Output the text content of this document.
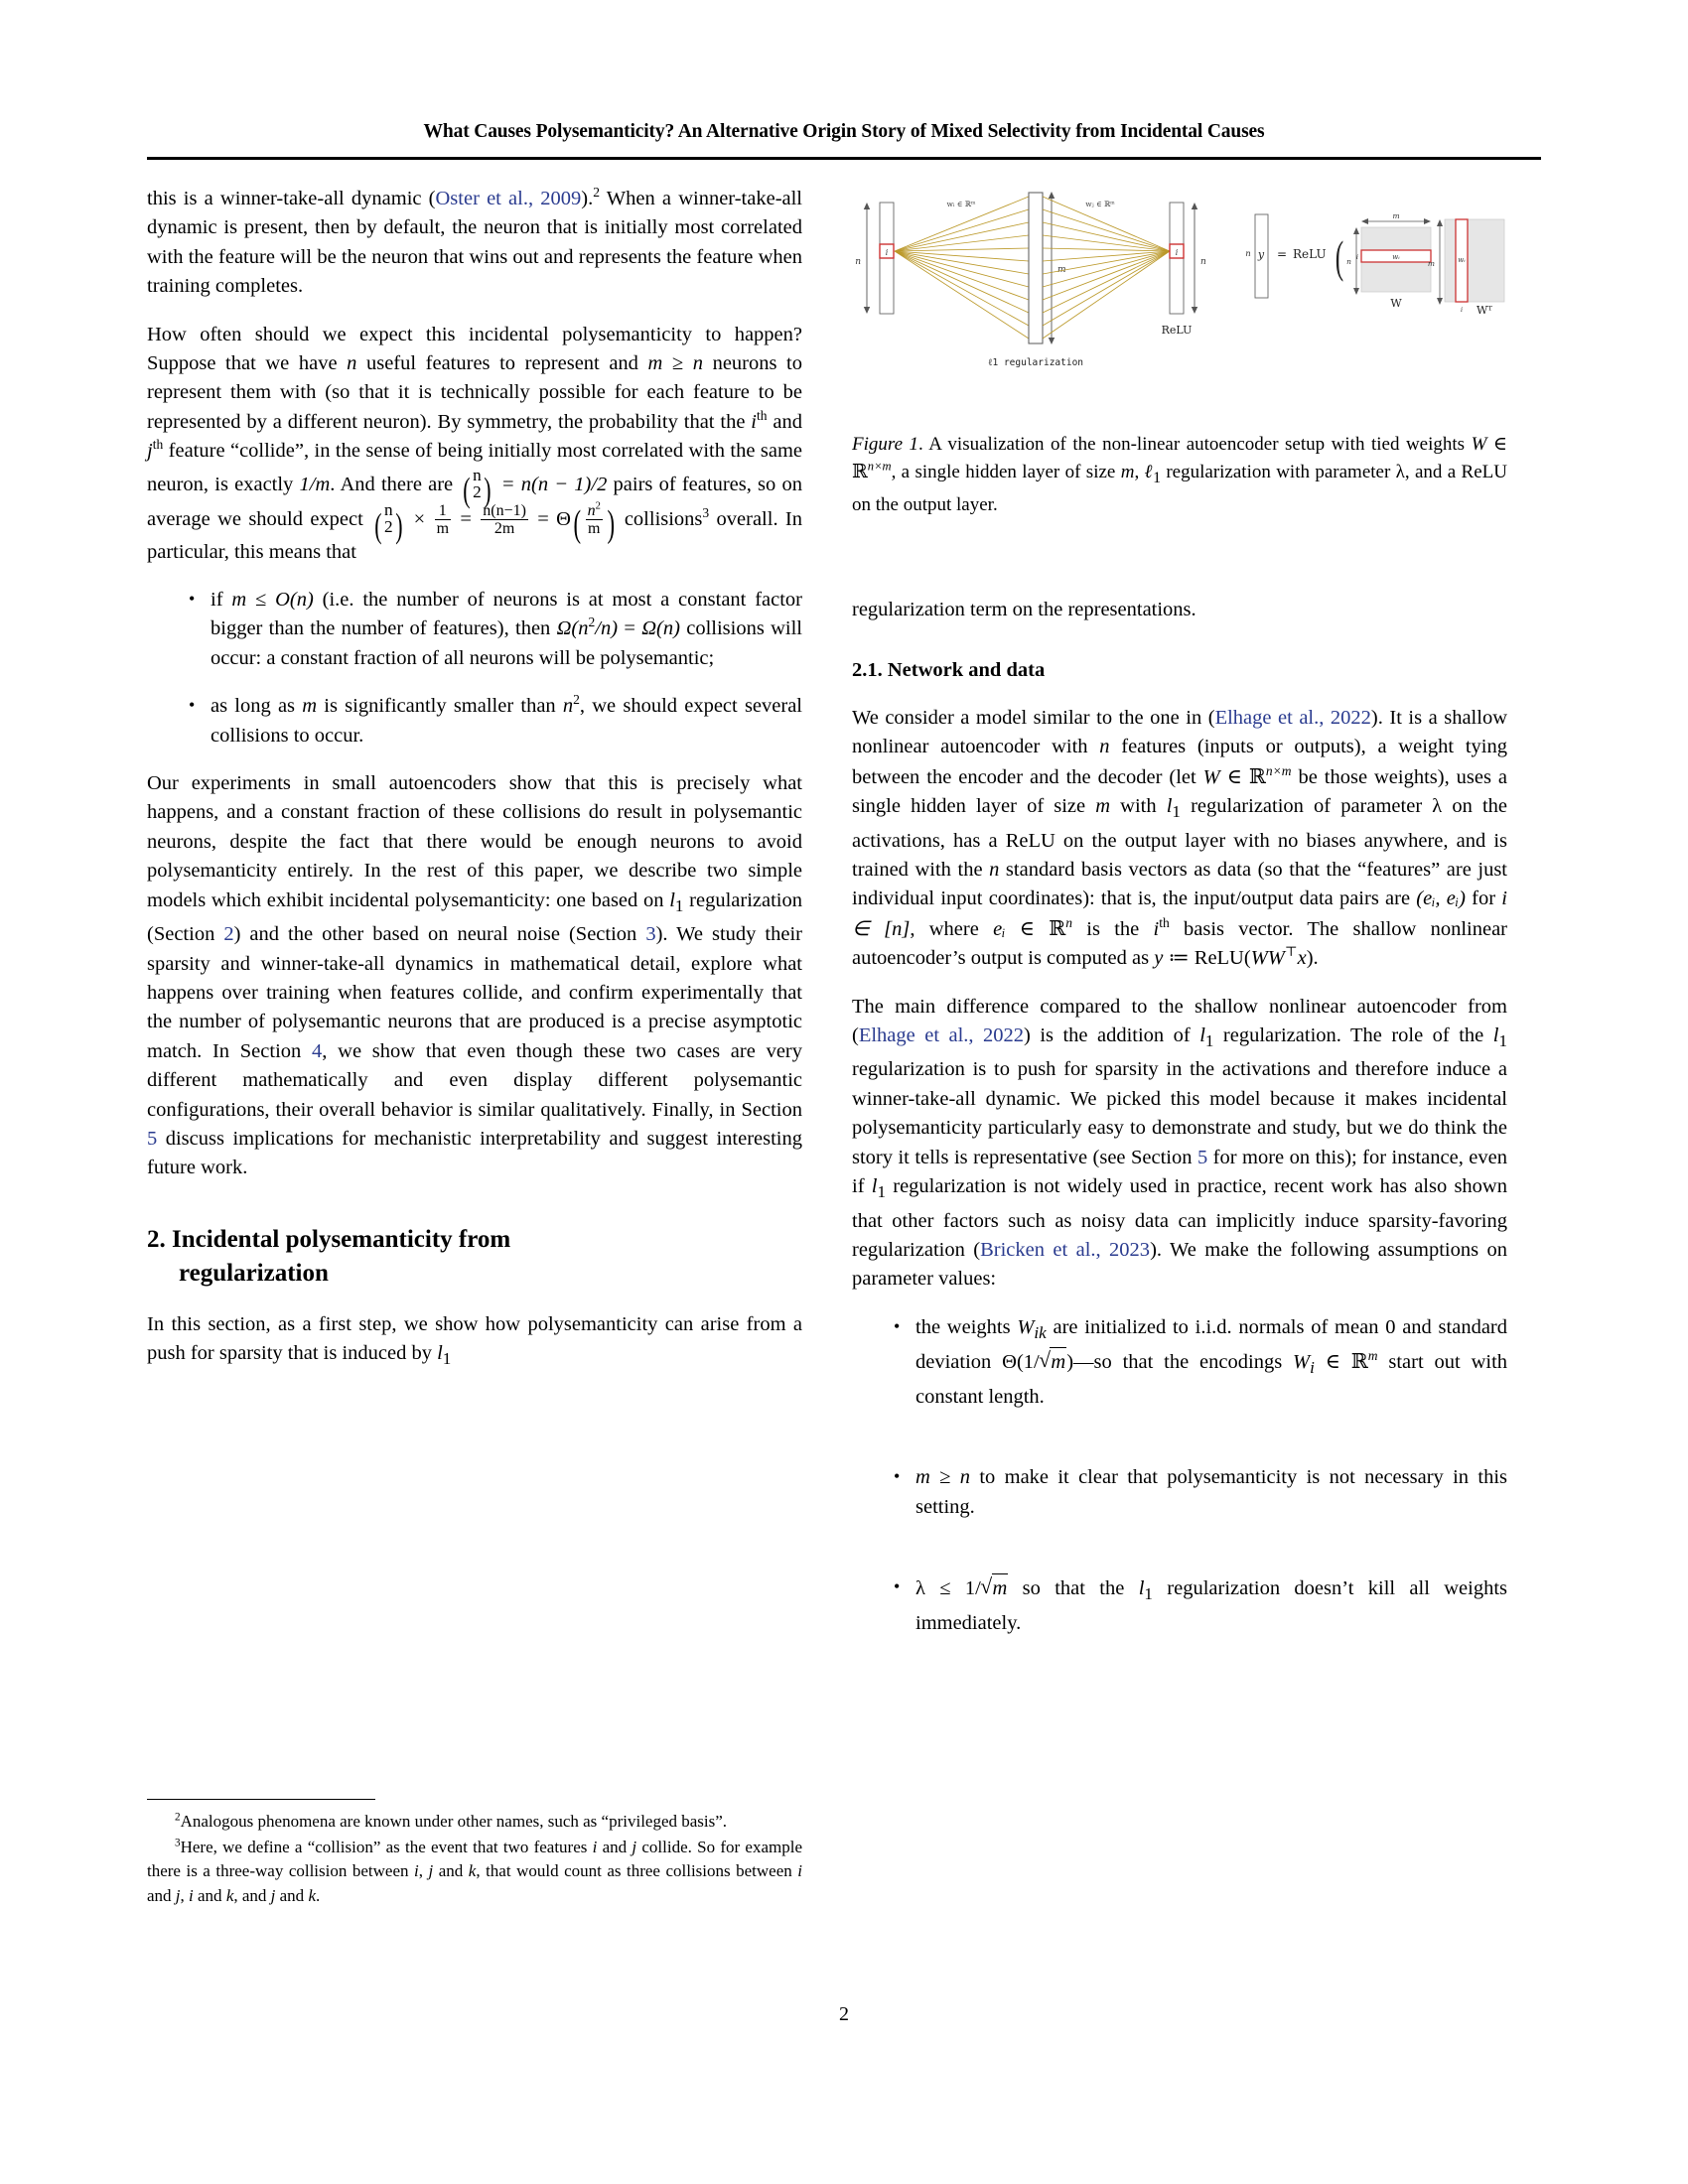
What Causes Polysemanticity? An Alternative Origin Story of Mixed Selectivity from Incidental Causes

this is a winner-take-all dynamic (Oster et al., 2009).$^2$ When a winner-take-all dynamic is present, then by default, the neuron that is initially most correlated with the feature will be the neuron that wins out and represents the feature when training completes.

How often should we expect this incidental polysemanticity to happen? Suppose that we have n useful features to represent and m ≥ n neurons to represent them with (so that it is technically possible for each feature to be represented by a different neuron). By symmetry, the probability that the i$^{th}$ and j$^{th}$ feature “collide”, in the sense of being initially most correlated with the same neuron, is exactly 1/m. And there are ( n
2 ) = n(n − 1)/2 pairs of features, so on average we should expect ( n
2 ) × $\frac{1}{m} = \frac{n(n-1)}{2m} = \Theta( \frac{n^2}{m}$ ) collisions$^3$ overall. In particular, this means that

• if m ≤ O(n) (i.e. the number of neurons is at most a constant factor bigger than the number of features), then Ω(n$^2$/n) = Ω(n) collisions will occur: a constant fraction of all neurons will be polysemantic;
• as long as m is significantly smaller than n$^2$, we should expect several collisions to occur.

Our experiments in small autoencoders show that this is precisely what happens, and a constant fraction of these collisions do result in polysemantic neurons, despite the fact that there would be enough neurons to avoid polysemanticity entirely. In the rest of this paper, we describe two simple models which exhibit incidental polysemanticity: one based on $l_1$ regularization (Section 2) and the other based on neural noise (Section 3). We study their sparsity and winner-take-all dynamics in mathematical detail, explore what happens over training when features collide, and confirm experimentally that the number of polysemantic neurons that are produced is a precise asymptotic match. In Section 4, we show that even though these two cases are very different mathematically and even display different polysemantic configurations, their overall behavior is similar qualitatively. Finally, in Section 5 discuss implications for mechanistic interpretability and suggest interesting future work.

2. Incidental polysemanticity from
regularization

In this section, as a first step, we show how polysemanticity can arise from a push for sparsity that is induced by $l_1$

$^2$Analogous phenomena are known under other names, such as “privileged basis”.

$^3$Here, we define a “collision” as the event that two features i and j collide. So for example there is a three-way collision between i, j and k, that would count as three collisions between i and j, i and k, and j and k.

n
i
wᵢ ∈ ℝᵐ
m
wⱼ ∈ ℝᵐ
i
n
ReLU
ℓ1 regularization
n y = ReLU (
m
n i	wᵢ
W
m	wᵢ
i Wᵀ
Figure 1. A visualization of the non-linear autoencoder setup with tied weights W ∈ ℝ$^{n\times m}$, a single hidden layer of size m, ℓ$_1$ regularization with parameter λ, and a ReLU on the output layer.

regularization term on the representations.

2.1. Network and data

We consider a model similar to the one in (Elhage et al., 2022). It is a shallow nonlinear autoencoder with n features (inputs or outputs), a weight tying between the encoder and the decoder (let W ∈ ℝ$^{n\times m}$ be those weights), uses a single hidden layer of size m with $l_1$ regularization of parameter λ on the activations, has a ReLU on the output layer with no biases anywhere, and is trained with the n standard basis vectors as data (so that the “features” are just individual input coordinates): that is, the input/output data pairs are (eᵢ, eᵢ) for i ∈ [n], where eᵢ ∈ ℝ$^n$ is the i$^{th}$ basis vector. The shallow nonlinear autoencoder’s output is computed as y ≔ ReLU(WW⊤x).

The main difference compared to the shallow nonlinear autoencoder from (Elhage et al., 2022) is the addition of $l_1$ regularization. The role of the $l_1$ regularization is to push for sparsity in the activations and therefore induce a winner-take-all dynamic. We picked this model because it makes incidental polysemanticity particularly easy to demonstrate and study, but we do think the story it tells is representative (see Section 5 for more on this); for instance, even if $l_1$ regularization is not widely used in practice, recent work has also shown that other factors such as noisy data can implicitly induce sparsity-favoring regularization (Bricken et al., 2023). We make the following assumptions on parameter values:

• the weights $W_{ik}$ are initialized to i.i.d. normals of mean 0 and standard deviation Θ(1/ √ m)—so that the encodings $W_i$ ∈ ℝ$^m$ start out with constant length.
• m ≥ n to make it clear that polysemanticity is not necessary in this setting.
• λ ≤ 1/ √ m so that the $l_1$ regularization doesn’t kill all weights immediately.
2
